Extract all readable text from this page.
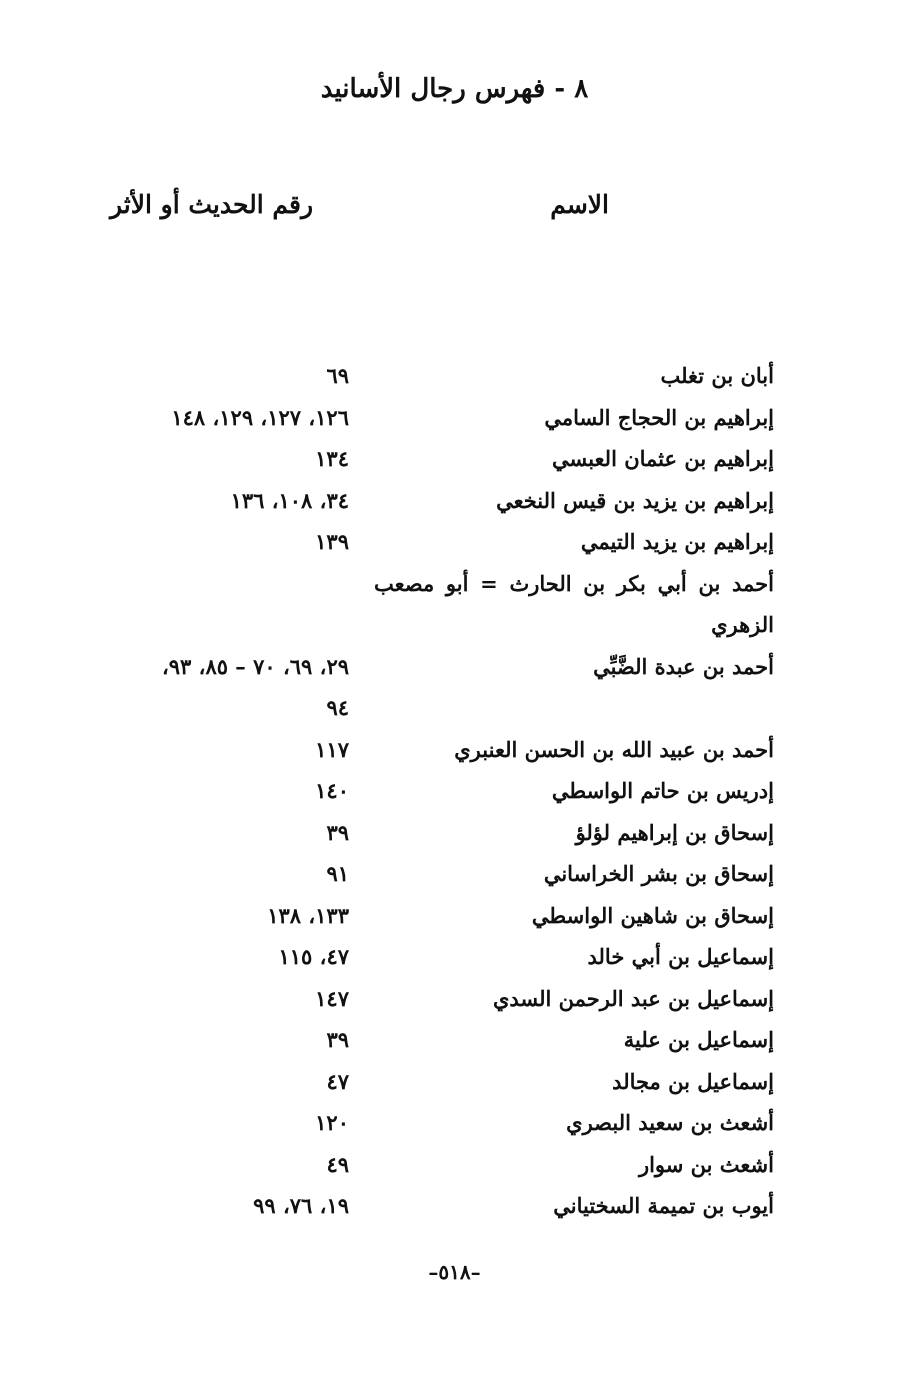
٨ - فهرس رجال الأسانيد
الاسم
رقم الحديث أو الأثر
أبان بن تغلب
٦٩
إبراهيم بن الحجاج السامي
١٢٦، ١٢٧، ١٢٩، ١٤٨
إبراهيم بن عثمان العبسي
١٣٤
إبراهيم بن يزيد بن قيس النخعي
٣٤، ١٠٨، ١٣٦
إبراهيم بن يزيد التيمي
١٣٩
أحمد بن أبي بكر بن الحارث = أبو مصعب
الزهري
أحمد بن عبدة الضَّبِّي
٢٩، ٦٩، ٧٠ – ٨٥، ٩٣،
٩٤
أحمد بن عبيد الله بن الحسن العنبري
١١٧
إدريس بن حاتم الواسطي
١٤٠
إسحاق بن إبراهيم لؤلؤ
٣٩
إسحاق بن بشر الخراساني
٩١
إسحاق بن شاهين الواسطي
١٣٣، ١٣٨
إسماعيل بن أبي خالد
٤٧، ١١٥
إسماعيل بن عبد الرحمن السدي
١٤٧
إسماعيل بن علية
٣٩
إسماعيل بن مجالد
٤٧
أشعث بن سعيد البصري
١٢٠
أشعث بن سوار
٤٩
أيوب بن تميمة السختياني
١٩، ٧٦، ٩٩
–٥١٨–
